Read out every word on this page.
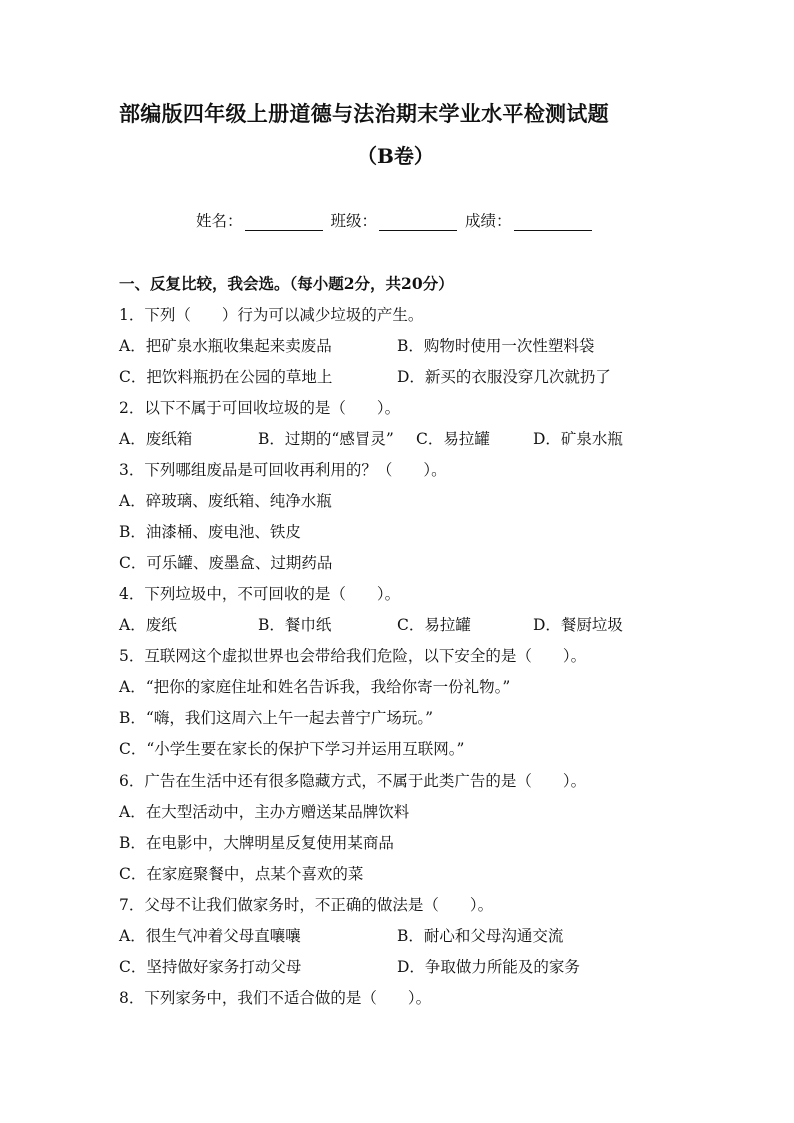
部编版四年级上册道德与法治期末学业水平检测试题
（B卷）
姓名：	班级：	成绩：
一、反复比较，我会选。（每小题2分，共20分）
1．下列（　　）行为可以减少垃圾的产生。
A．把矿泉水瓶收集起来卖废品	B．购物时使用一次性塑料袋
C．把饮料瓶扔在公园的草地上	D．新买的衣服没穿几次就扔了
2．以下不属于可回收垃圾的是（　　）。
A．废纸箱	B．过期的“感冒灵” C．易拉罐	D．矿泉水瓶
3．下列哪组废品是可回收再利用的？（　　）。
A．碎玻璃、废纸箱、纯净水瓶
B．油漆桶、废电池、铁皮
C．可乐罐、废墨盒、过期药品
4．下列垃圾中，不可回收的是（　　）。
A．废纸	B．餐巾纸	C．易拉罐	D．餐厨垃圾
5．互联网这个虚拟世界也会带给我们危险，以下安全的是（　　）。
A．“把你的家庭住址和姓名告诉我，我给你寄一份礼物。”
B．“嗨，我们这周六上午一起去普宁广场玩。”
C．“小学生要在家长的保护下学习并运用互联网。”
6．广告在生活中还有很多隐藏方式，不属于此类广告的是（　　）。
A．在大型活动中，主办方赠送某品牌饮料
B．在电影中，大牌明星反复使用某商品
C．在家庭聚餐中，点某个喜欢的菜
7．父母不让我们做家务时，不正确的做法是（　　）。
A．很生气冲着父母直嚷嚷	B．耐心和父母沟通交流
C．坚持做好家务打动父母	D．争取做力所能及的家务
8．下列家务中，我们不适合做的是（　　）。
